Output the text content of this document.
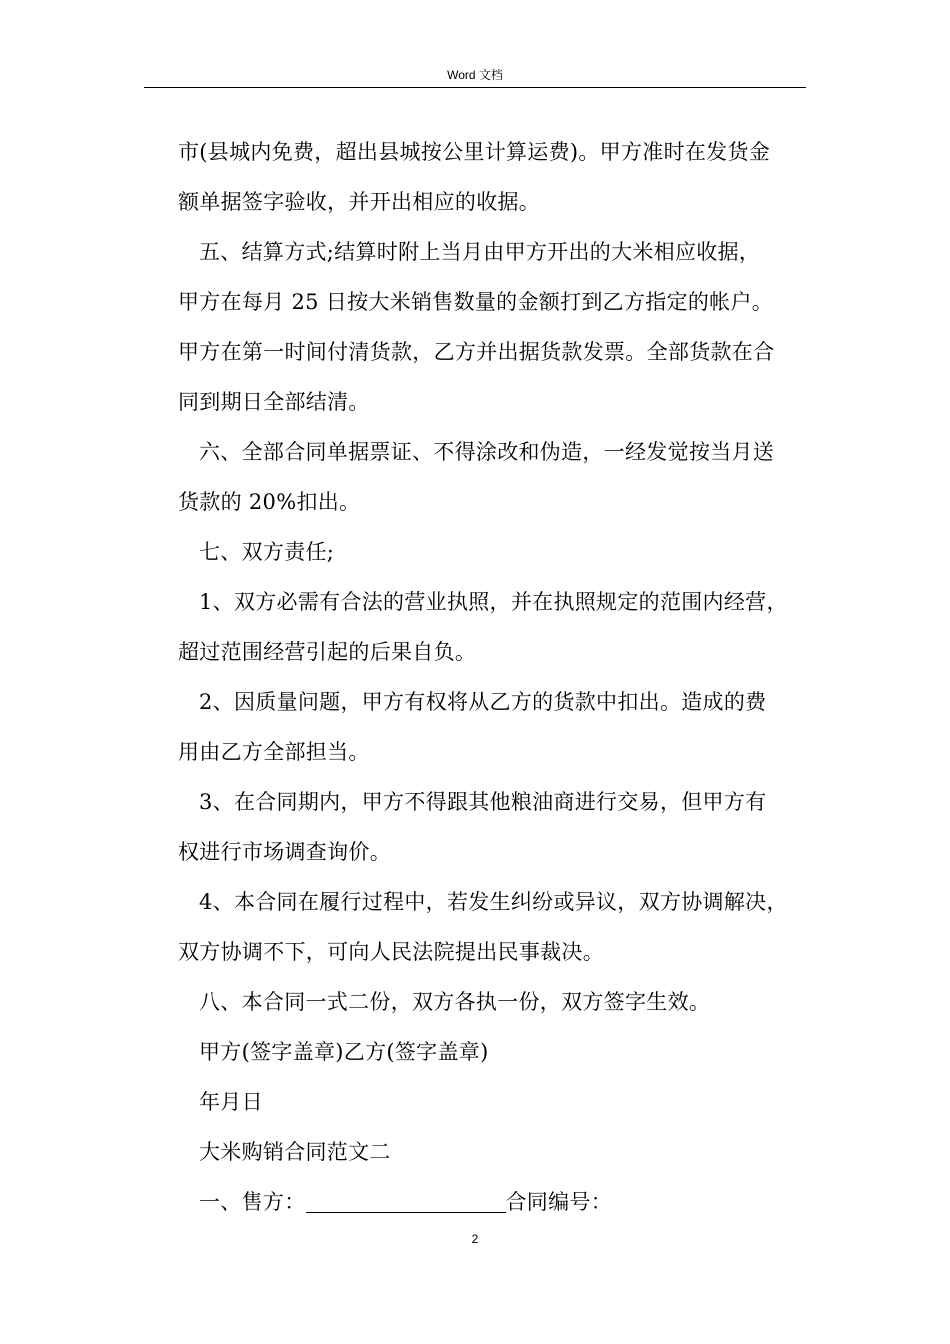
Word 文档

市(县城内免费，超出县城按公里计算运费)。甲方准时在发货金

额单据签字验收，并开出相应的收据。

五、结算方式;结算时附上当月由甲方开出的大米相应收据，

甲方在每月 25 日按大米销售数量的金额打到乙方指定的帐户。

甲方在第一时间付清货款，乙方并出据货款发票。全部货款在合

同到期日全部结清。

六、全部合同单据票证、不得涂改和伪造，一经发觉按当月送

货款的 20%扣出。

七、双方责任;

1、双方必需有合法的营业执照，并在执照规定的范围内经营，

超过范围经营引起的后果自负。

2、因质量问题，甲方有权将从乙方的货款中扣出。造成的费

用由乙方全部担当。

3、在合同期内，甲方不得跟其他粮油商进行交易，但甲方有

权进行市场调查询价。

4、本合同在履行过程中，若发生纠纷或异议，双方协调解决，

双方协调不下，可向人民法院提出民事裁决。

八、本合同一式二份，双方各执一份，双方签字生效。

甲方(签字盖章)乙方(签字盖章)

年月日

大米购销合同范文二

一、售方：	合同编号：

2
